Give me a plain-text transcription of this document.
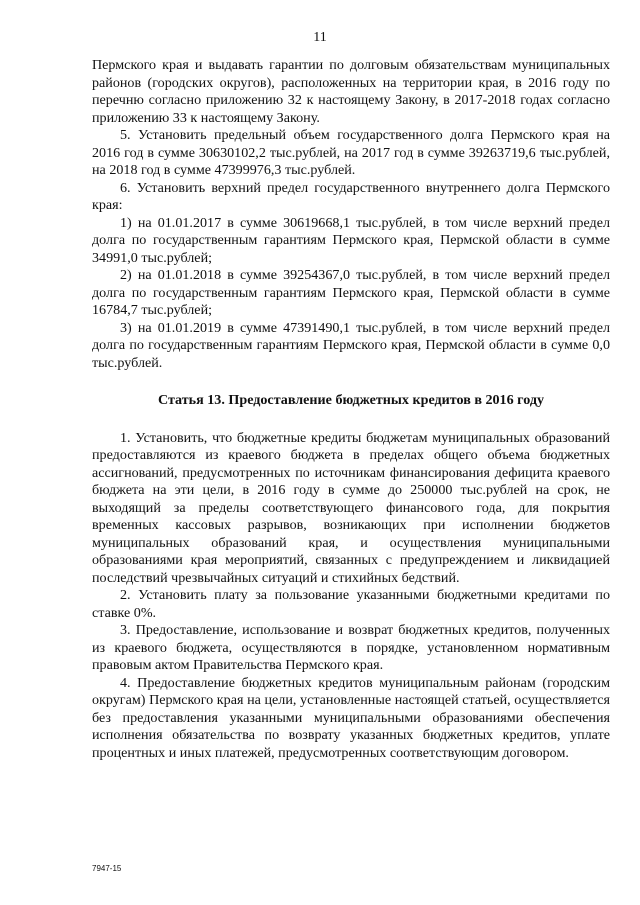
11

Пермского края и выдавать гарантии по долговым обязательствам муниципальных районов (городских округов), расположенных на территории края, в 2016 году по перечню согласно приложению 32 к настоящему Закону, в 2017-2018 годах согласно приложению 33 к настоящему Закону.

5. Установить предельный объем государственного долга Пермского края на 2016 год в сумме 30630102,2 тыс.рублей, на 2017 год в сумме 39263719,6 тыс.рублей, на 2018 год в сумме 47399976,3 тыс.рублей.

6. Установить верхний предел государственного внутреннего долга Пермского края:

1) на 01.01.2017 в сумме 30619668,1 тыс.рублей, в том числе верхний предел долга по государственным гарантиям Пермского края, Пермской области в сумме 34991,0 тыс.рублей;

2) на 01.01.2018 в сумме 39254367,0 тыс.рублей, в том числе верхний предел долга по государственным гарантиям Пермского края, Пермской области в сумме 16784,7 тыс.рублей;

3) на 01.01.2019 в сумме 47391490,1 тыс.рублей, в том числе верхний предел долга по государственным гарантиям Пермского края, Пермской области в сумме 0,0 тыс.рублей.

Статья 13. Предоставление бюджетных кредитов в 2016 году

1. Установить, что бюджетные кредиты бюджетам муниципальных образований предоставляются из краевого бюджета в пределах общего объема бюджетных ассигнований, предусмотренных по источникам финансирования дефицита краевого бюджета на эти цели, в 2016 году в сумме до 250000 тыс.рублей на срок, не выходящий за пределы соответствующего финансового года, для покрытия временных кассовых разрывов, возникающих при исполнении бюджетов муниципальных образований края, и осуществления муниципальными образованиями края мероприятий, связанных с предупреждением и ликвидацией последствий чрезвычайных ситуаций и стихийных бедствий.

2. Установить плату за пользование указанными бюджетными кредитами по ставке 0%.

3. Предоставление, использование и возврат бюджетных кредитов, полученных из краевого бюджета, осуществляются в порядке, установленном нормативным правовым актом Правительства Пермского края.

4. Предоставление бюджетных кредитов муниципальным районам (городским округам) Пермского края на цели, установленные настоящей статьей, осуществляется без предоставления указанными муниципальными образованиями обеспечения исполнения обязательства по возврату указанных бюджетных кредитов, уплате процентных и иных платежей, предусмотренных соответствующим договором.

7947-15
